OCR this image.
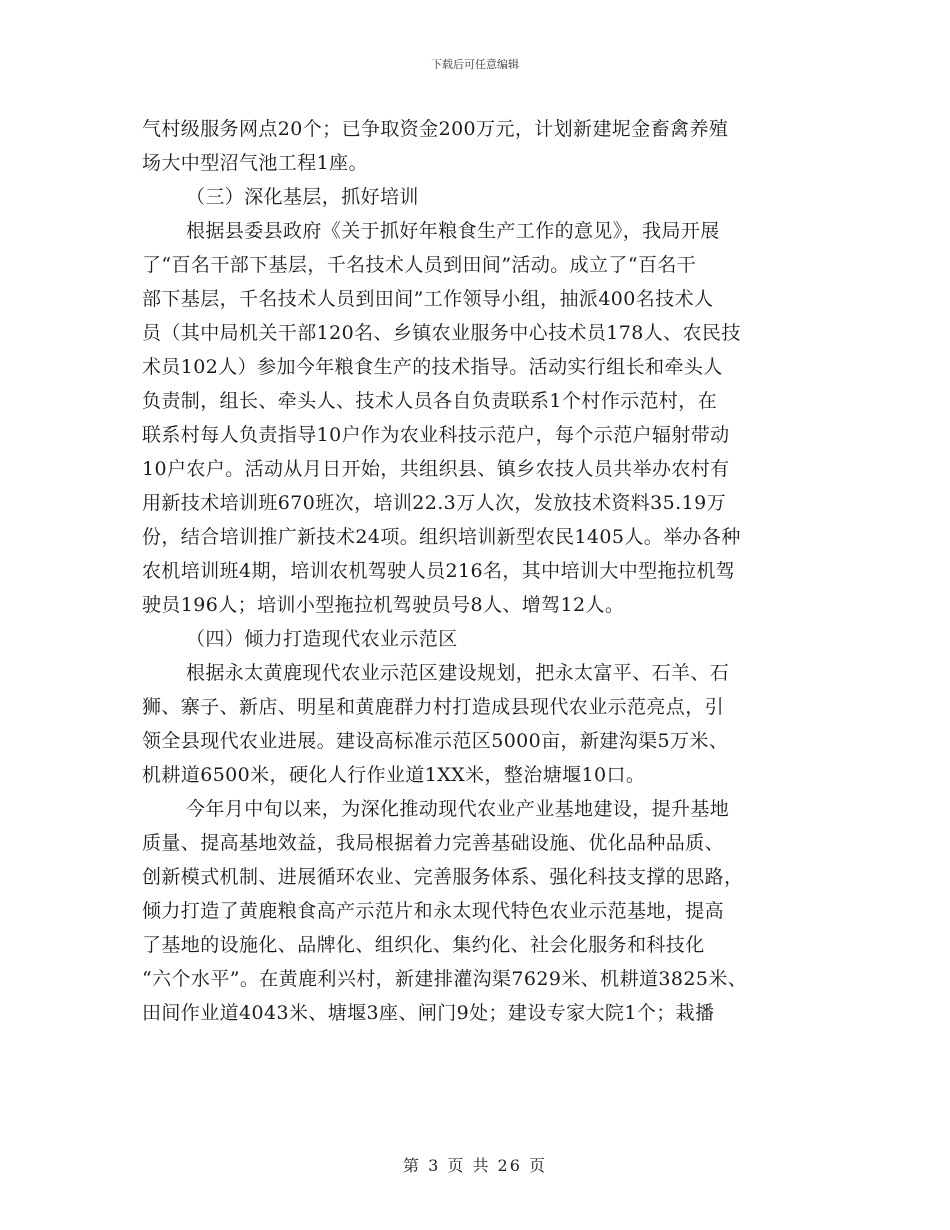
下载后可任意编辑
气村级服务网点20个；已争取资金200万元，计划新建坭金畜禽养殖
场大中型沼气池工程1座。
（三）深化基层，抓好培训
根据县委县政府《关于抓好年粮食生产工作的意见》，我局开展
了“百名干部下基层，千名技术人员到田间”活动。成立了“百名干
部下基层，千名技术人员到田间”工作领导小组，抽派400名技术人
员（其中局机关干部120名、乡镇农业服务中心技术员178人、农民技
术员102人）参加今年粮食生产的技术指导。活动实行组长和牵头人
负责制，组长、牵头人、技术人员各自负责联系1个村作示范村，在
联系村每人负责指导10户作为农业科技示范户，每个示范户辐射带动
10户农户。活动从月日开始，共组织县、镇乡农技人员共举办农村有
用新技术培训班670班次，培训22.3万人次，发放技术资料35.19万
份，结合培训推广新技术24项。组织培训新型农民1405人。举办各种
农机培训班4期，培训农机驾驶人员216名，其中培训大中型拖拉机驾
驶员196人；培训小型拖拉机驾驶员号8人、增驾12人。
（四）倾力打造现代农业示范区
根据永太黄鹿现代农业示范区建设规划，把永太富平、石羊、石
狮、寨子、新店、明星和黄鹿群力村打造成县现代农业示范亮点，引
领全县现代农业进展。建设高标准示范区5000亩，新建沟渠5万米、
机耕道6500米，硬化人行作业道1XX米，整治塘堰10口。
今年月中旬以来，为深化推动现代农业产业基地建设，提升基地
质量、提高基地效益，我局根据着力完善基础设施、优化品种品质、
创新模式机制、进展循环农业、完善服务体系、强化科技支撑的思路，
倾力打造了黄鹿粮食高产示范片和永太现代特色农业示范基地，提高
了基地的设施化、品牌化、组织化、集约化、社会化服务和科技化
“六个水平”。在黄鹿利兴村，新建排灌沟渠7629米、机耕道3825米、
田间作业道4043米、塘堰3座、闸门9处；建设专家大院1个；栽播
第 3 页 共 26 页
